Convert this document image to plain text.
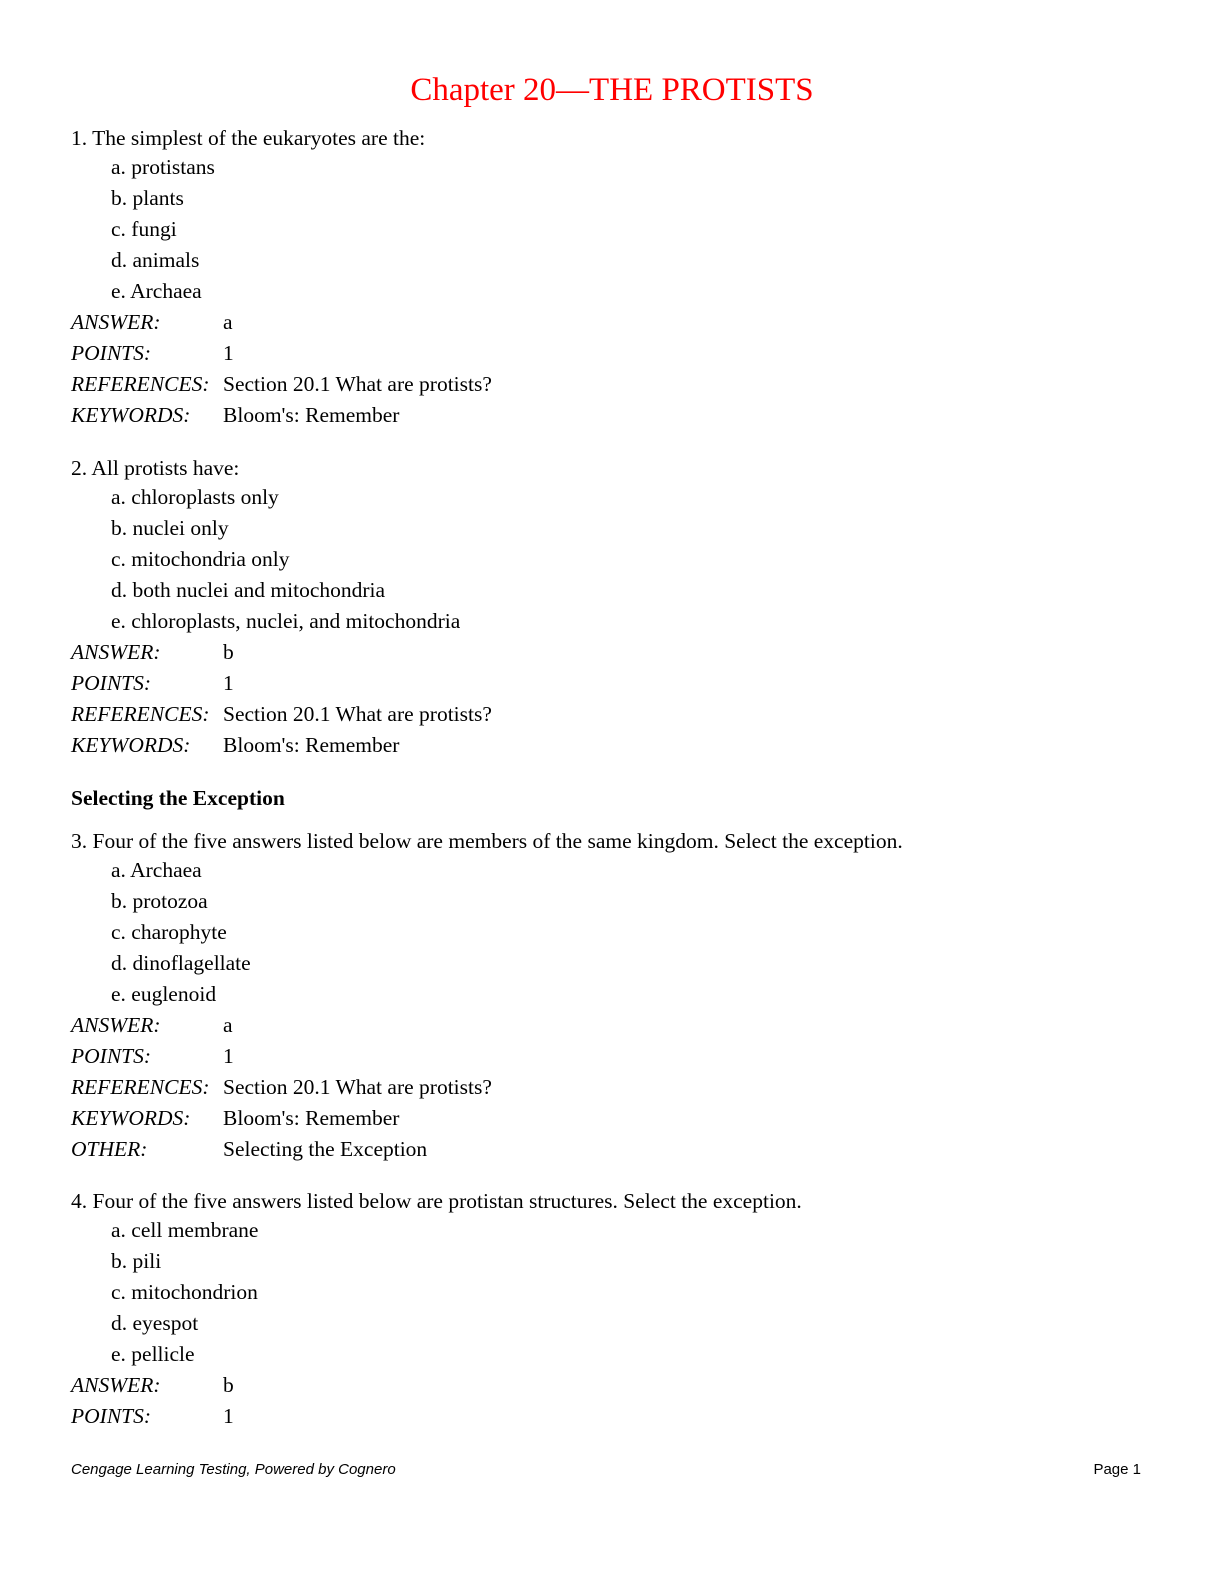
Chapter 20—THE PROTISTS
1. The simplest of the eukaryotes are the:
a. protistans
b. plants
c. fungi
d. animals
e. Archaea
ANSWER:	a
POINTS:	1
REFERENCES: Section 20.1 What are protists?
KEYWORDS: Bloom's: Remember
2. All protists have:
a. chloroplasts only
b. nuclei only
c. mitochondria only
d. both nuclei and mitochondria
e. chloroplasts, nuclei, and mitochondria
ANSWER:	b
POINTS:	1
REFERENCES: Section 20.1 What are protists?
KEYWORDS: Bloom's: Remember
Selecting the Exception
3. Four of the five answers listed below are members of the same kingdom. Select the exception.
a. Archaea
b. protozoa
c. charophyte
d. dinoflagellate
e. euglenoid
ANSWER:	a
POINTS:	1
REFERENCES: Section 20.1 What are protists?
KEYWORDS: Bloom's: Remember
OTHER:	Selecting the Exception
4. Four of the five answers listed below are protistan structures. Select the exception.
a. cell membrane
b. pili
c. mitochondrion
d. eyespot
e. pellicle
ANSWER:	b
POINTS:	1
Cengage Learning Testing, Powered by Cognero	Page 1
